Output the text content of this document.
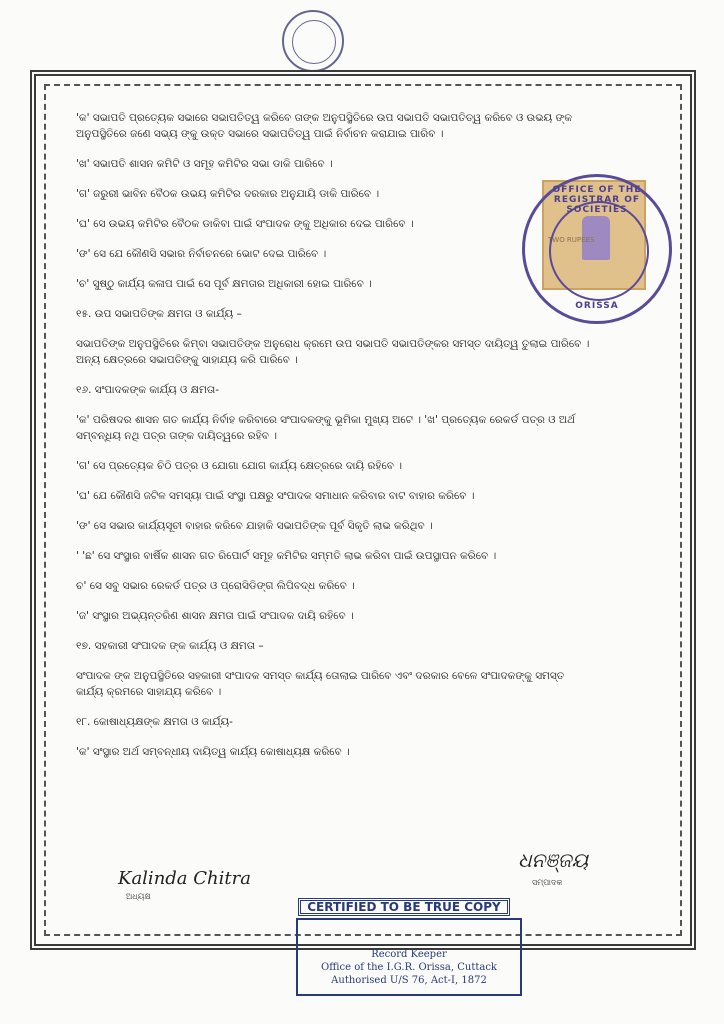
TWO RUPEES
OFFICE OF THE REGISTRAR OF SOCIETIES
ORISSA
'କ' ସଭାପତି ପ୍ରତ୍ୟେକ ସଭାରେ ସଭାପତିତ୍ୱ କରିବେ ତାଙ୍କ ଅନୁପସ୍ଥିତିରେ ଉପ ସଭାପତି ସଭାପତିତ୍ୱ କରିବେ ଓ ଉଭୟ ଙ୍କ
ଅନୁପସ୍ଥିତିରେ ଜଣେ ସଭ୍ୟ ଙ୍କୁ ଉକ୍ତ ସଭାରେ ସଭାପତିତ୍ୱ ପାଇଁ ନିର୍ବାଚନ କରାଯାଇ ପାରିବ ।
'ଖ' ସଭାପତି ଶାସନ କମିଟି ଓ ସମୂହ କମିଟିର ସଭା ଡାକି ପାରିବେ ।
'ଗ' ଜରୁରୀ ଭାବିନ ବୈଠକ ଉଭୟ କମିଟିର ଦରକାର ଅନୁଯାୟି ଡାକି ପାରିବେ ।
'ଘ' ସେ ଉଭୟ କମିଟିର ବୈଠକ ଡାକିବା ପାଇଁ ସଂପାଦକ ଙ୍କୁ ଅଧିକାର ଦେଇ ପାରିବେ ।
'ଙ' ସେ ଯେ କୌଣସି ସଭାର ନିର୍ବାଚନରେ ଭୋଟ ଦେଇ ପାରିବେ ।
'ଚ' ସୁଷ୍ଠୁ କାର୍ଯ୍ୟ କଳାପ ପାଇଁ ସେ ପୂର୍ବ କ୍ଷମତାର ଅଧିକାରୀ ହୋଇ ପାରିବେ ।
୧୫. ଉପ ସଭାପତିଙ୍କ କ୍ଷମତା ଓ କାର୍ଯ୍ୟ –
ସଭାପତିଙ୍କ ଅନୁପସ୍ଥିତିରେ କିମ୍ବା ସଭାପତିଙ୍କ ଅନୁରୋଧ କ୍ରମେ ଉପ ସଭାପତି ସଭାପତିଙ୍କର ସମସ୍ତ ଦାୟିତ୍ୱ ତୁଲାଇ ପାରିବେ ।
ଅନ୍ୟ କ୍ଷେତ୍ରରେ ସଭାପତିଙ୍କୁ ସାହାଯ୍ୟ କରି ପାରିବେ ।
୧୬. ସଂପାଦକଙ୍କ କାର୍ଯ୍ୟ ଓ କ୍ଷମତା-
'କ' ପରିଷଦର ଶାସନ ଗତ କାର୍ଯ୍ୟ ନିର୍ବାହ କରିବାରେ ସଂପାଦକଙ୍କୁ ଭୂମିକା ମୁଖ୍ୟ ଅଟେ । 'ଖ' ପ୍ରତ୍ୟେକ ରେକର୍ଡ ପତ୍ର ଓ ଅର୍ଥ
ସମ୍ବନ୍ଧିୟ ନଥି ପତ୍ର ତାଙ୍କ ଦାୟିତ୍ୱରେ ରହିବ ।
'ଗ' ସେ ପ୍ରତ୍ୟେକ ଚିଠି ପତ୍ର ଓ ଯୋଗା ଯୋଗ କାର୍ଯ୍ୟ କ୍ଷେତ୍ରରେ ଦାୟି ରହିବେ ।
'ଘ' ଯେ କୌଣସି ଜଟିଳ ସମସ୍ୟା ପାଇଁ ସଂସ୍ଥା ପକ୍ଷରୁ ସଂପାଦକ ସମାଧାନ କରିବାର ବାଟ ବାହାର କରିବେ ।
'ଙ' ସେ ସଭାର କାର୍ଯ୍ୟସୂଚୀ ବାହାର କରିବେ ଯାହାକି ସଭାପତିଙ୍କ ପୂର୍ବ ସିକୃତି ଲାଭ କରିଥିବ ।
' 'ଛ' ସେ ସଂସ୍ଥାର ବାର୍ଷିକ ଶାସନ ଗତ ରିପୋର୍ଟ ସମୂହ କମିଟିର ସମ୍ମତି ଲାଭ କରିବା ପାଇଁ ଉପସ୍ଥାପନ କରିବେ ।
ଚ' ସେ ସବୁ ସଭାର ରେକର୍ଡ ପତ୍ର ଓ ପ୍ରୋସିଡିଙ୍ଗ ଲିପିବଦ୍ଧ କରିବେ ।
'ଜ' ସଂସ୍ଥାର ଅଭ୍ୟନ୍ତରିଣ ଶାସନ କ୍ଷମତା ପାଇଁ ସଂପାଦକ ଦାୟି ରହିବେ ।
୧୭. ସହକାରୀ ସଂପାଦକ ଙ୍କ କାର୍ଯ୍ୟ ଓ କ୍ଷମତା –
ସଂପାଦକ ଙ୍କ ଅନୁପସ୍ଥିତିରେ ସହକାରୀ ସଂପାଦକ ସମସ୍ତ କାର୍ଯ୍ୟ ତୋଲାଇ ପାରିବେ ଏବଂ ଦରକାର ବେଳେ ସଂପାଦକଙ୍କୁ ସମସ୍ତ
କାର୍ଯ୍ୟ କ୍ରମରେ ସାହାଯ୍ୟ କରିବେ ।
୧୮. କୋଷାଧ୍ୟକ୍ଷଙ୍କ କ୍ଷମତା ଓ କାର୍ଯ୍ୟ-
'କ' ସଂସ୍ଥାର ଅର୍ଥ ସମ୍ବନ୍ଧୀୟ ଦାୟିତ୍ୱ କାର୍ଯ୍ୟ କୋଷାଧ୍ୟକ୍ଷ କରିବେ ।
Kalinda Chitra
ଅଧ୍ୟକ୍ଷ
ଧନଞ୍ଜୟ
ସମ୍ପାଦକ
CERTIFIED TO BE TRUE COPY
Record Keeper
Office of the I.G.R. Orissa, Cuttack
Authorised U/S 76, Act-I, 1872
